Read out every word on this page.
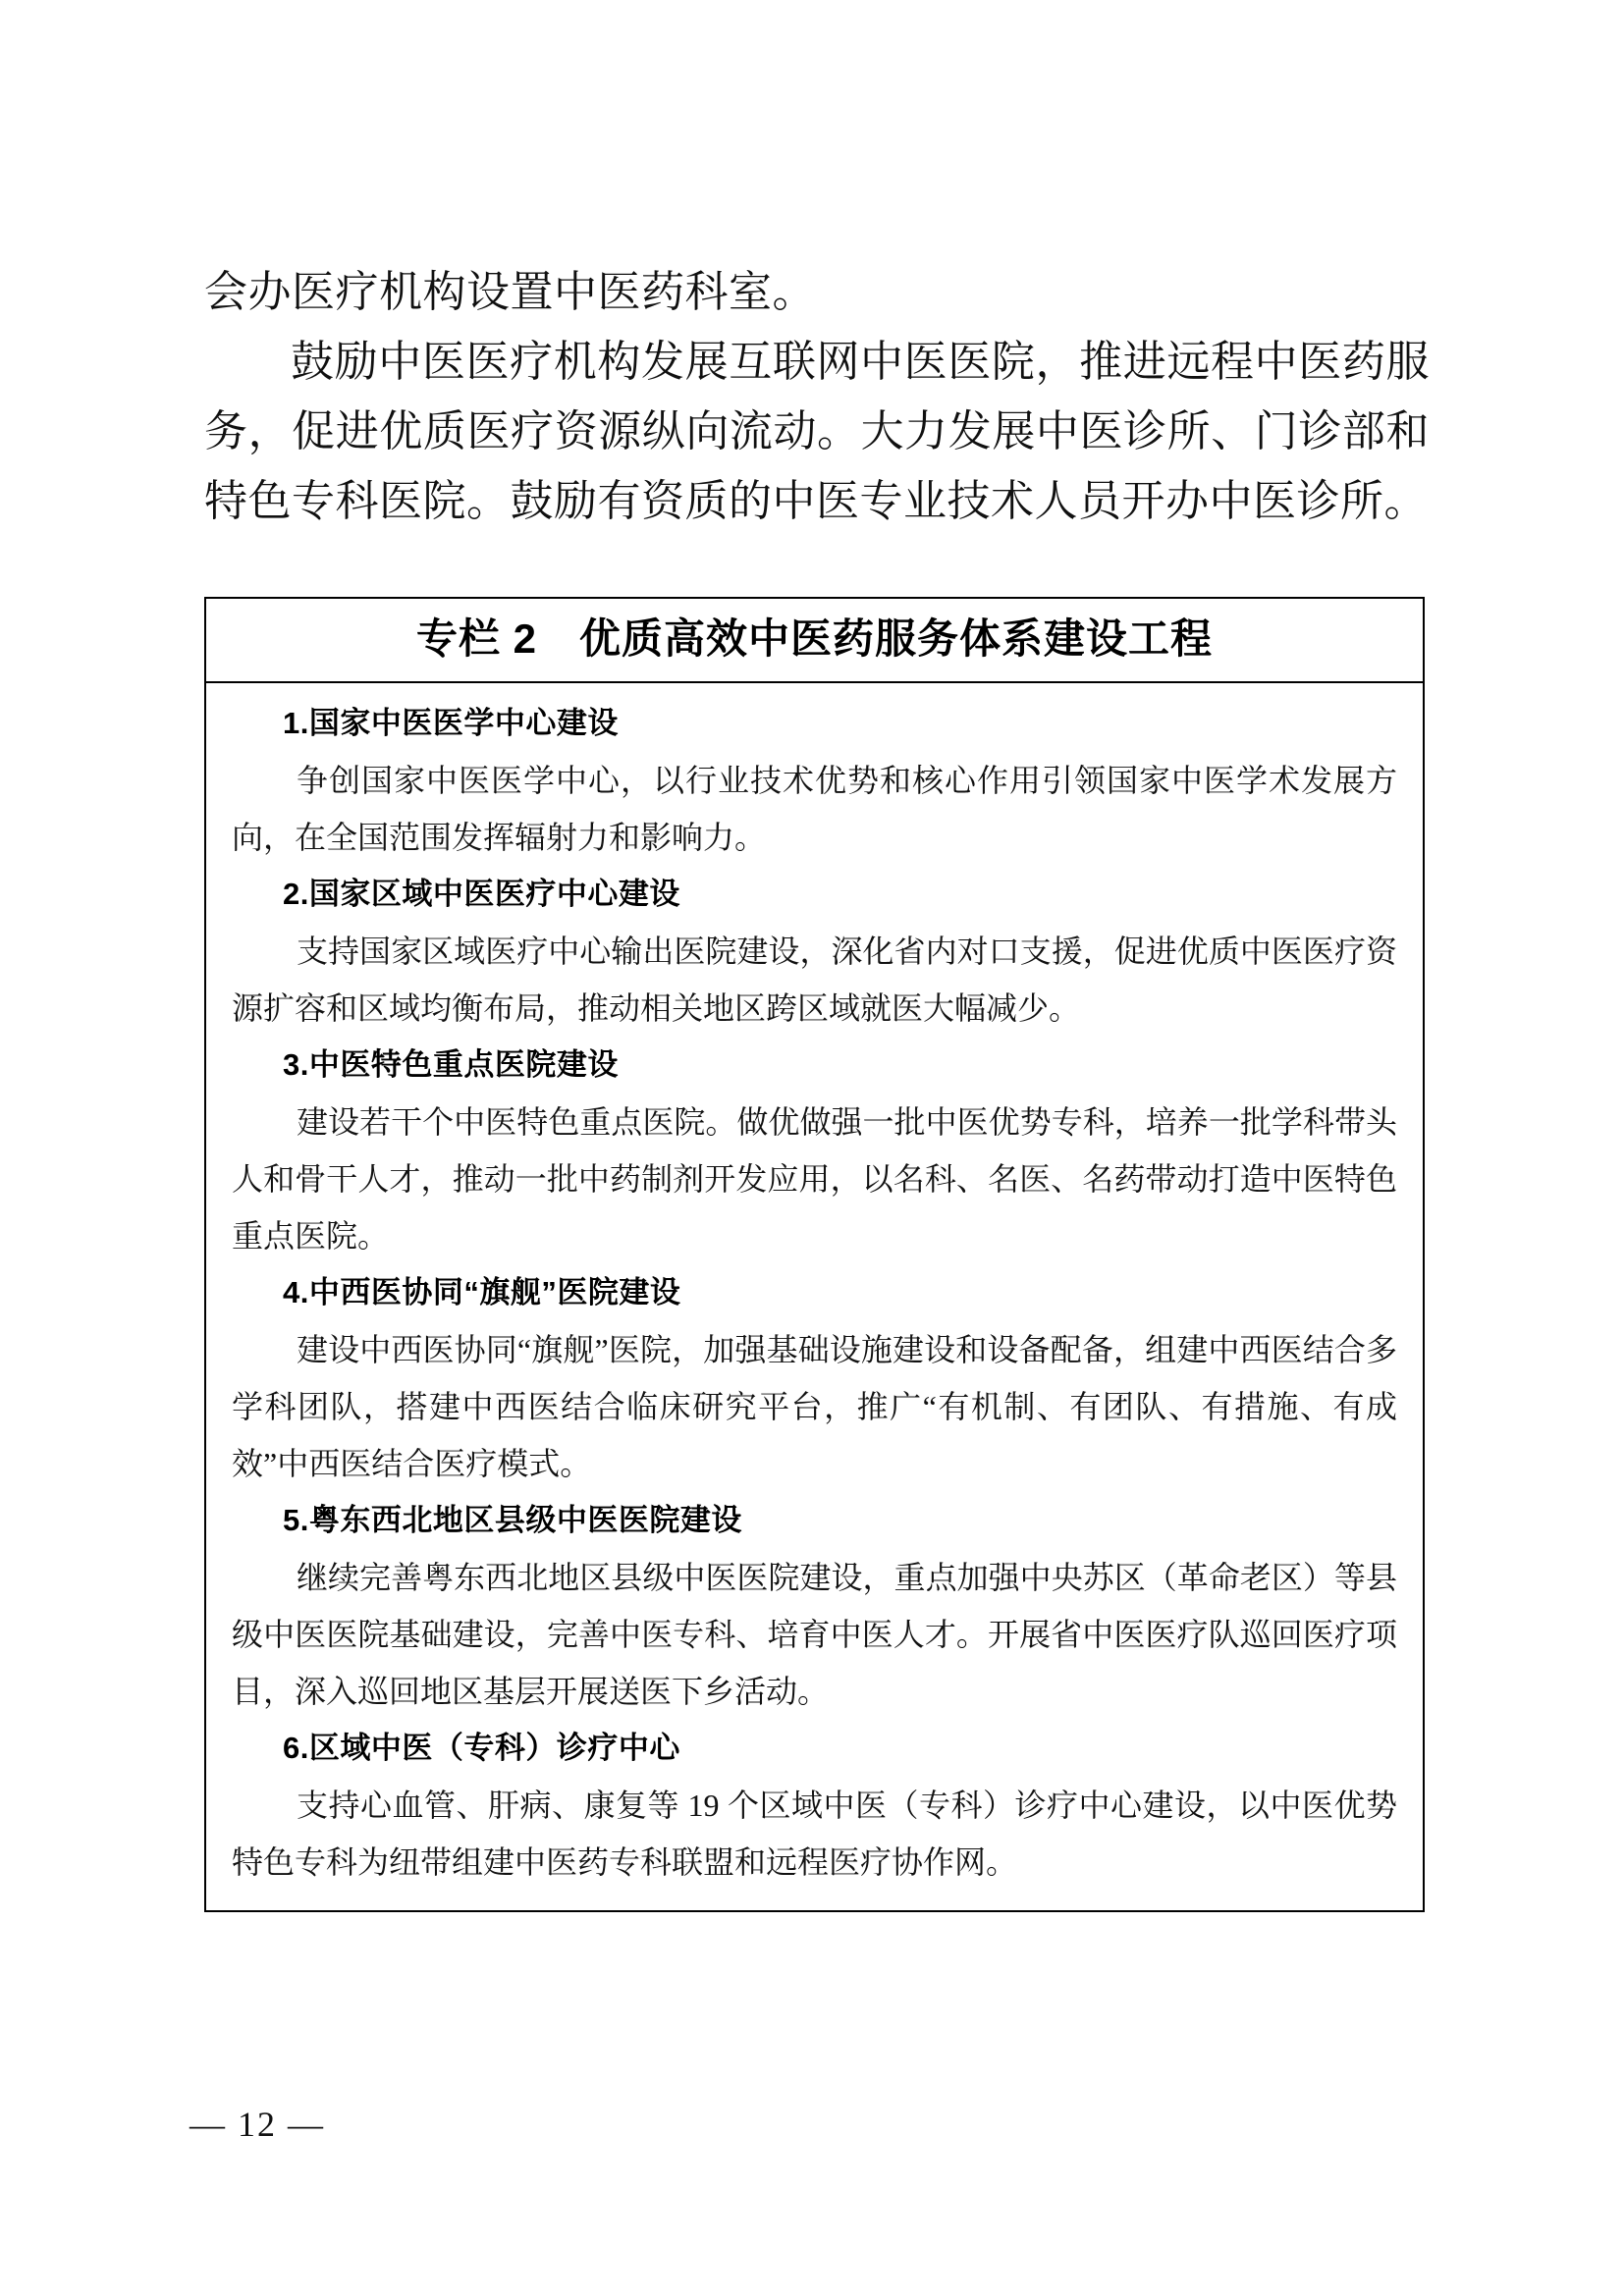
会办医疗机构设置中医药科室。

鼓励中医医疗机构发展互联网中医医院，推进远程中医药服务，促进优质医疗资源纵向流动。大力发展中医诊所、门诊部和特色专科医院。鼓励有资质的中医专业技术人员开办中医诊所。

专栏 2　优质高效中医药服务体系建设工程

1.国家中医医学中心建设

争创国家中医医学中心，以行业技术优势和核心作用引领国家中医学术发展方向，在全国范围发挥辐射力和影响力。

2.国家区域中医医疗中心建设

支持国家区域医疗中心输出医院建设，深化省内对口支援，促进优质中医医疗资源扩容和区域均衡布局，推动相关地区跨区域就医大幅减少。

3.中医特色重点医院建设

建设若干个中医特色重点医院。做优做强一批中医优势专科，培养一批学科带头人和骨干人才，推动一批中药制剂开发应用，以名科、名医、名药带动打造中医特色重点医院。

4.中西医协同“旗舰”医院建设

建设中西医协同“旗舰”医院，加强基础设施建设和设备配备，组建中西医结合多学科团队，搭建中西医结合临床研究平台，推广“有机制、有团队、有措施、有成效”中西医结合医疗模式。

5.粤东西北地区县级中医医院建设

继续完善粤东西北地区县级中医医院建设，重点加强中央苏区（革命老区）等县级中医医院基础建设，完善中医专科、培育中医人才。开展省中医医疗队巡回医疗项目，深入巡回地区基层开展送医下乡活动。

6.区域中医（专科）诊疗中心

支持心血管、肝病、康复等 19 个区域中医（专科）诊疗中心建设，以中医优势特色专科为纽带组建中医药专科联盟和远程医疗协作网。

— 12 —
